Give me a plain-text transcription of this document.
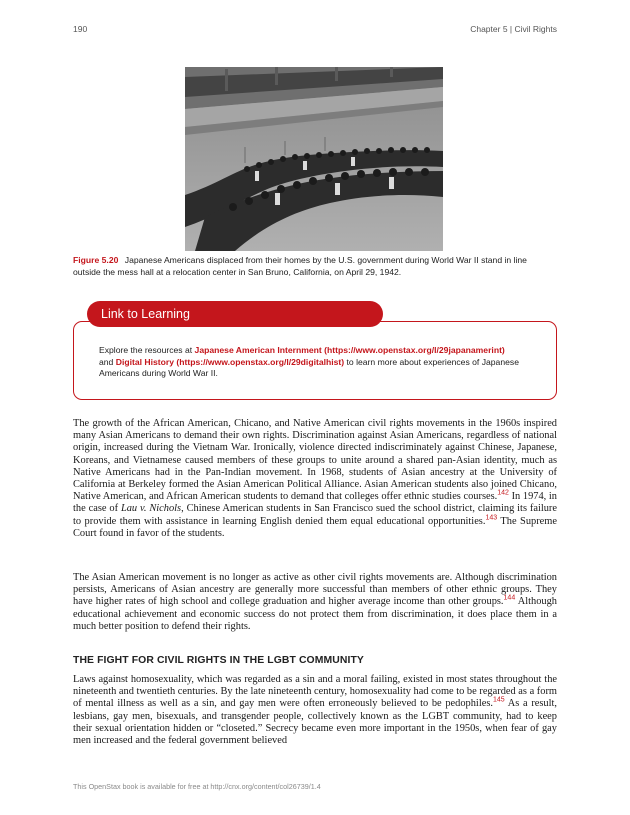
190	Chapter 5 | Civil Rights
Figure 5.20 Japanese Americans displaced from their homes by the U.S. government during World War II stand in line outside the mess hall at a relocation center in San Bruno, California, on April 29, 1942.
Link to Learning
Explore the resources at Japanese American Internment (https://www.openstax.org/l/29japanamerint) and Digital History (https://www.openstax.org/l/29digitalhist) to learn more about experiences of Japanese Americans during World War II.

The growth of the African American, Chicano, and Native American civil rights movements in the 1960s inspired many Asian Americans to demand their own rights. Discrimination against Asian Americans, regardless of national origin, increased during the Vietnam War. Ironically, violence directed indiscriminately against Chinese, Japanese, Koreans, and Vietnamese caused members of these groups to unite around a shared pan-Asian identity, much as Native Americans had in the Pan-Indian movement. In 1968, students of Asian ancestry at the University of California at Berkeley formed the Asian American Political Alliance. Asian American students also joined Chicano, Native American, and African American students to demand that colleges offer ethnic studies courses.$^{142}$ In 1974, in the case of Lau v. Nichols, Chinese American students in San Francisco sued the school district, claiming its failure to provide them with assistance in learning English denied them equal educational opportunities.$^{143}$ The Supreme Court found in favor of the students.

The Asian American movement is no longer as active as other civil rights movements are. Although discrimination persists, Americans of Asian ancestry are generally more successful than members of other ethnic groups. They have higher rates of high school and college graduation and higher average income than other groups.$^{144}$ Although educational achievement and economic success do not protect them from discrimination, it does place them in a much better position to defend their rights.

THE FIGHT FOR CIVIL RIGHTS IN THE LGBT COMMUNITY

Laws against homosexuality, which was regarded as a sin and a moral failing, existed in most states throughout the nineteenth and twentieth centuries. By the late nineteenth century, homosexuality had come to be regarded as a form of mental illness as well as a sin, and gay men were often erroneously believed to be pedophiles.$^{145}$ As a result, lesbians, gay men, bisexuals, and transgender people, collectively known as the LGBT community, had to keep their sexual orientation hidden or “closeted.” Secrecy became even more important in the 1950s, when fear of gay men increased and the federal government believed

This OpenStax book is available for free at http://cnx.org/content/col26739/1.4
